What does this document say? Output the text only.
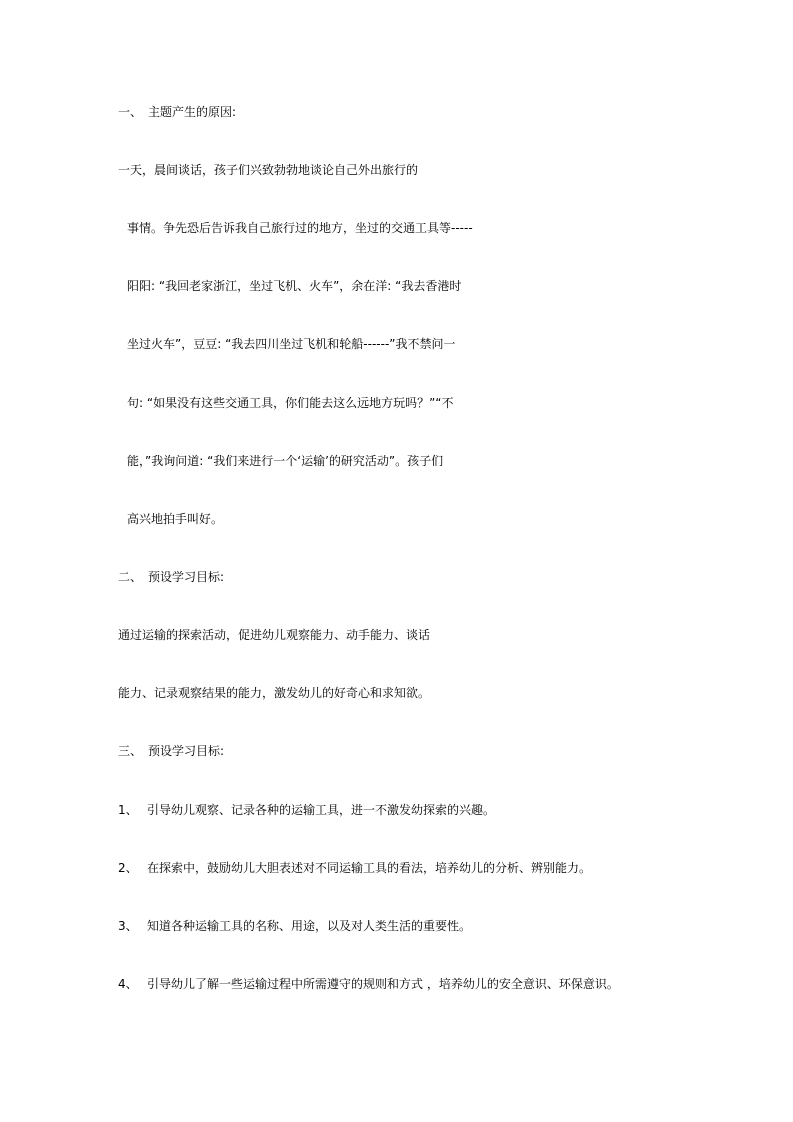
一、 主题产生的原因:
一天，晨间谈话，孩子们兴致勃勃地谈论自己外出旅行的
事情。争先恐后告诉我自己旅行过的地方，坐过的交通工具等-----
阳阳: “我回老家浙江，坐过飞机、火车”，余在洋: “我去香港时
坐过火车”，豆豆: “我去四川坐过飞机和轮船------”我不禁问一
句: “如果没有这些交通工具，你们能去这么远地方玩吗？”“不
能，”我询问道: “我们来进行一个‘运输’的研究活动”。孩子们
高兴地拍手叫好。
二、 预设学习目标:
通过运输的探索活动，促进幼儿观察能力、动手能力、谈话
能力、记录观察结果的能力，激发幼儿的好奇心和求知欲。
三、 预设学习目标:
1、 引导幼儿观察、记录各种的运输工具，进一不激发幼探索的兴趣。
2、 在探索中，鼓励幼儿大胆表述对不同运输工具的看法，培养幼儿的分析、辨别能力。
3、 知道各种运输工具的名称、用途，以及对人类生活的重要性。
4、 引导幼儿了解一些运输过程中所需遵守的规则和方式 ，培养幼儿的安全意识、环保意识。
